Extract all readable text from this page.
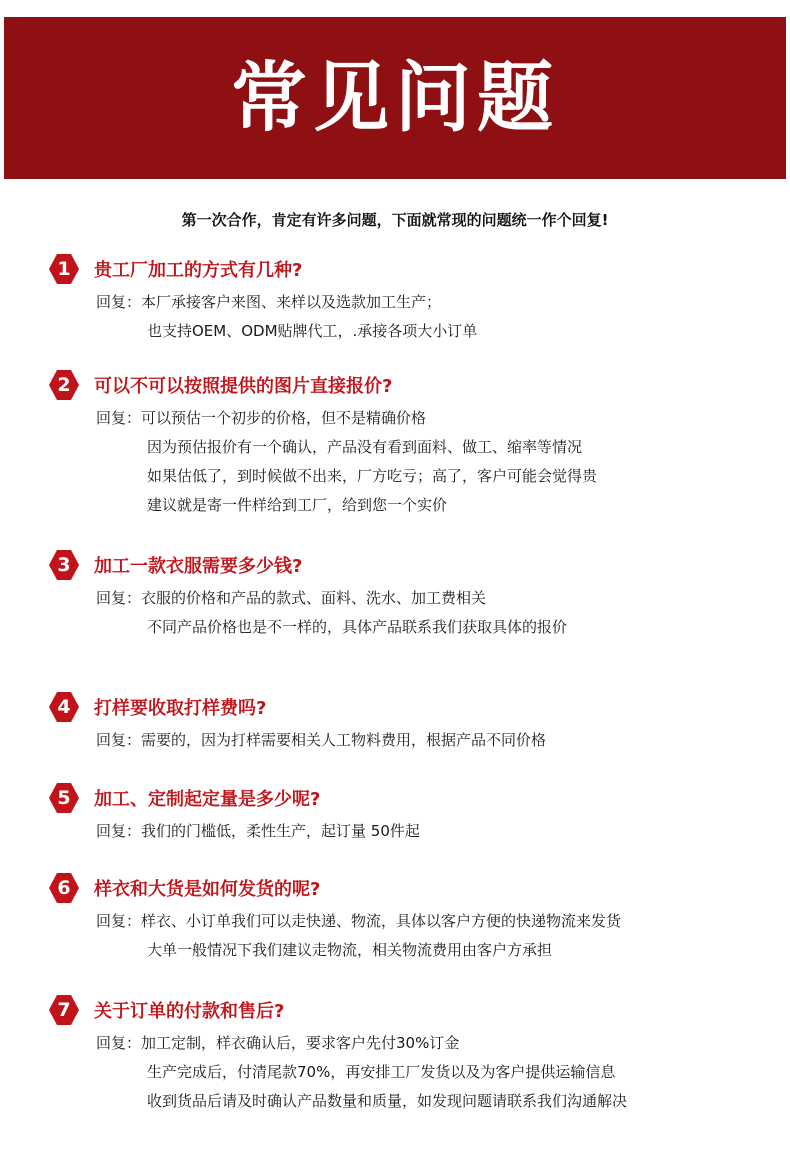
常见问题
第一次合作，肯定有许多问题，下面就常现的问题统一作个回复!
1	贵工厂加工的方式有几种?
回复：本厂承接客户来图、来样以及选款加工生产；
也支持OEM、ODM贴牌代工，.承接各项大小订单
2	可以不可以按照提供的图片直接报价?
回复：可以预估一个初步的价格，但不是精确价格
因为预估报价有一个确认，产品没有看到面料、做工、缩率等情况
如果估低了，到时候做不出来，厂方吃亏；高了，客户可能会觉得贵
建议就是寄一件样给到工厂，给到您一个实价
3	加工一款衣服需要多少钱?
回复：衣服的价格和产品的款式、面料、洗水、加工费相关
不同产品价格也是不一样的，具体产品联系我们获取具体的报价
4	打样要收取打样费吗?
回复：需要的，因为打样需要相关人工物料费用，根据产品不同价格
5	加工、定制起定量是多少呢?
回复：我们的门槛低，柔性生产，起订量 50件起
6	样衣和大货是如何发货的呢?
回复：样衣、小订单我们可以走快递、物流，具体以客户方便的快递物流来发货
大单一般情况下我们建议走物流，相关物流费用由客户方承担
7	关于订单的付款和售后?
回复：加工定制，样衣确认后，要求客户先付30%订金
生产完成后，付清尾款70%，再安排工厂发货以及为客户提供运输信息
收到货品后请及时确认产品数量和质量，如发现问题请联系我们沟通解决
